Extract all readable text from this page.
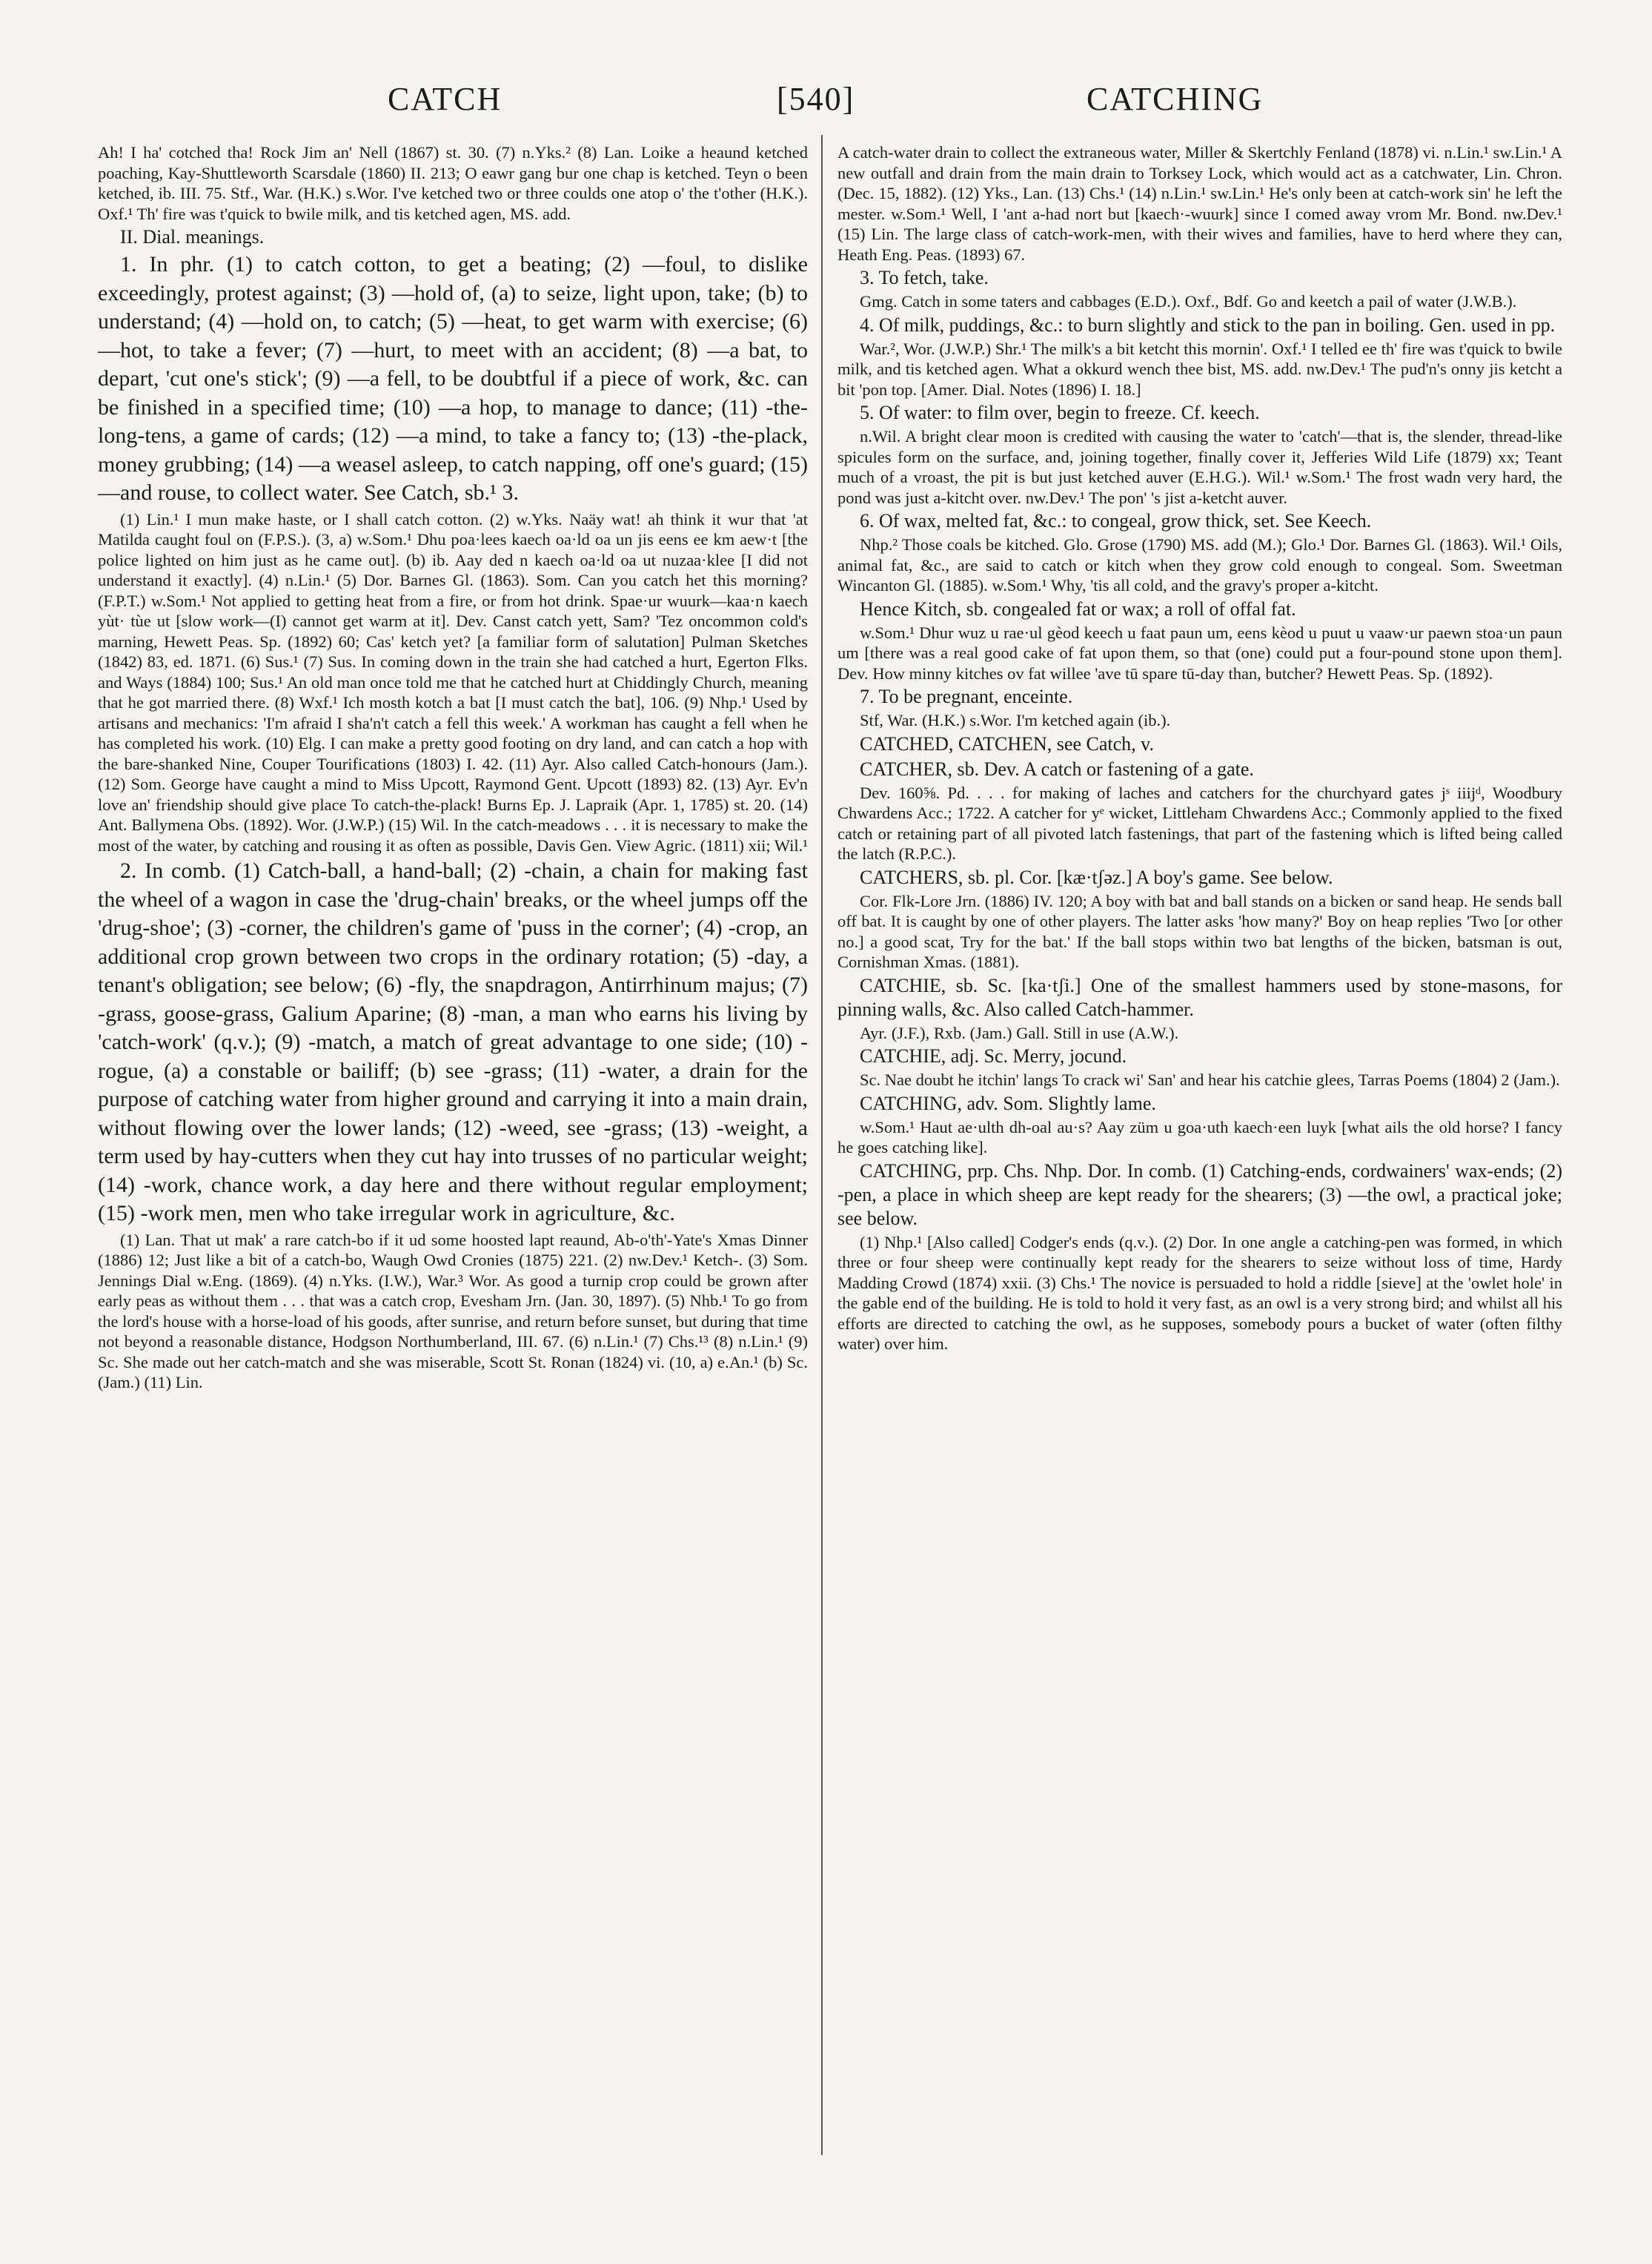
CATCH	[540]	CATCHING
Ah! I ha' cotched tha! Rock Jim an' Nell (1867) st. 30. (7) n.Yks.² (8) Lan. Loike a heaund ketched poaching, Kay-Shuttleworth Scarsdale (1860) II. 213; O eawr gang bur one chap is ketched. Teyn o been ketched, ib. III. 75. Stf., War. (H.K.) s.Wor. I've ketched two or three coulds one atop o' the t'other (H.K.). Oxf.¹ Th' fire was t'quick to bwile milk, and tis ketched agen, MS. add.
II. Dial. meanings.
1. In phr. (1) to catch cotton, to get a beating; (2) —foul, to dislike exceedingly, protest against; (3) —hold of, (a) to seize, light upon, take; (b) to understand; (4) —hold on, to catch; (5) —heat, to get warm with exercise; (6) —hot, to take a fever; (7) —hurt, to meet with an accident; (8) —a bat, to depart, 'cut one's stick'; (9) —a fell, to be doubtful if a piece of work, &c. can be finished in a specified time; (10) —a hop, to manage to dance; (11) -the-long-tens, a game of cards; (12) —a mind, to take a fancy to; (13) -the-plack, money grubbing; (14) —a weasel asleep, to catch napping, off one's guard; (15) —and rouse, to collect water. See Catch, sb.¹ 3.
(1) Lin.¹ I mun make haste, or I shall catch cotton. (2) w.Yks. Naäy wat! ah think it wur that 'at Matilda caught foul on (F.P.S.). (3, a) w.Som.¹ Dhu poa·lees kaech oa·ld oa un jis eens ee km aew·t [the police lighted on him just as he came out]. (b) ib. Aay ded n kaech oa·ld oa ut nuzaa·klee [I did not understand it exactly]. (4) n.Lin.¹ (5) Dor. Barnes Gl. (1863). Som. Can you catch het this morning? (F.P.T.) w.Som.¹ Not applied to getting heat from a fire, or from hot drink. Spae·ur wuurk—kaa·n kaech yùt· tùe ut [slow work—(I) cannot get warm at it]. Dev. Canst catch yett, Sam? 'Tez oncommon cold's marning, Hewett Peas. Sp. (1892) 60; Cas' ketch yet? [a familiar form of salutation] Pulman Sketches (1842) 83, ed. 1871. (6) Sus.¹ (7) Sus. In coming down in the train she had catched a hurt, Egerton Flks. and Ways (1884) 100; Sus.¹ An old man once told me that he catched hurt at Chiddingly Church, meaning that he got married there. (8) Wxf.¹ Ich mosth kotch a bat [I must catch the bat], 106. (9) Nhp.¹ Used by artisans and mechanics: 'I'm afraid I sha'n't catch a fell this week.' A workman has caught a fell when he has completed his work. (10) Elg. I can make a pretty good footing on dry land, and can catch a hop with the bare-shanked Nine, Couper Tourifications (1803) I. 42. (11) Ayr. Also called Catch-honours (Jam.). (12) Som. George have caught a mind to Miss Upcott, Raymond Gent. Upcott (1893) 82. (13) Ayr. Ev'n love an' friendship should give place To catch-the-plack! Burns Ep. J. Lapraik (Apr. 1, 1785) st. 20. (14) Ant. Ballymena Obs. (1892). Wor. (J.W.P.) (15) Wil. In the catch-meadows . . . it is necessary to make the most of the water, by catching and rousing it as often as possible, Davis Gen. View Agric. (1811) xii; Wil.¹
2. In comb. (1) Catch-ball, a hand-ball; (2) -chain, a chain for making fast the wheel of a wagon in case the 'drug-chain' breaks, or the wheel jumps off the 'drug-shoe'; (3) -corner, the children's game of 'puss in the corner'; (4) -crop, an additional crop grown between two crops in the ordinary rotation; (5) -day, a tenant's obligation; see below; (6) -fly, the snapdragon, Antirrhinum majus; (7) -grass, goose-grass, Galium Aparine; (8) -man, a man who earns his living by 'catch-work' (q.v.); (9) -match, a match of great advantage to one side; (10) -rogue, (a) a constable or bailiff; (b) see -grass; (11) -water, a drain for the purpose of catching water from higher ground and carrying it into a main drain, without flowing over the lower lands; (12) -weed, see -grass; (13) -weight, a term used by hay-cutters when they cut hay into trusses of no particular weight; (14) -work, chance work, a day here and there without regular employment; (15) -work men, men who take irregular work in agriculture, &c.
(1) Lan. That ut mak' a rare catch-bo if it ud some hoosted lapt reaund, Ab-o'th'-Yate's Xmas Dinner (1886) 12; Just like a bit of a catch-bo, Waugh Owd Cronies (1875) 221. (2) nw.Dev.¹ Ketch-. (3) Som. Jennings Dial w.Eng. (1869). (4) n.Yks. (I.W.), War.³ Wor. As good a turnip crop could be grown after early peas as without them . . . that was a catch crop, Evesham Jrn. (Jan. 30, 1897). (5) Nhb.¹ To go from the lord's house with a horse-load of his goods, after sunrise, and return before sunset, but during that time not beyond a reasonable distance, Hodgson Northumberland, III. 67. (6) n.Lin.¹ (7) Chs.¹³ (8) n.Lin.¹ (9) Sc. She made out her catch-match and she was miserable, Scott St. Ronan (1824) vi. (10, a) e.An.¹ (b) Sc. (Jam.) (11) Lin.
A catch-water drain to collect the extraneous water, Miller & Skertchly Fenland (1878) vi. n.Lin.¹ sw.Lin.¹ A new outfall and drain from the main drain to Torksey Lock, which would act as a catchwater, Lin. Chron. (Dec. 15, 1882). (12) Yks., Lan. (13) Chs.¹ (14) n.Lin.¹ sw.Lin.¹ He's only been at catch-work sin' he left the mester. w.Som.¹ Well, I 'ant a-had nort but [kaech·-wuurk] since I comed away vrom Mr. Bond. nw.Dev.¹ (15) Lin. The large class of catch-work-men, with their wives and families, have to herd where they can, Heath Eng. Peas. (1893) 67.
3. To fetch, take.
Gmg. Catch in some taters and cabbages (E.D.). Oxf., Bdf. Go and keetch a pail of water (J.W.B.).
4. Of milk, puddings, &c.: to burn slightly and stick to the pan in boiling. Gen. used in pp.
War.², Wor. (J.W.P.) Shr.¹ The milk's a bit ketcht this mornin'. Oxf.¹ I telled ee th' fire was t'quick to bwile milk, and tis ketched agen. What a okkurd wench thee bist, MS. add. nw.Dev.¹ The pud'n's onny jis ketcht a bit 'pon top. [Amer. Dial. Notes (1896) I. 18.]
5. Of water: to film over, begin to freeze. Cf. keech.
n.Wil. A bright clear moon is credited with causing the water to 'catch'—that is, the slender, thread-like spicules form on the surface, and, joining together, finally cover it, Jefferies Wild Life (1879) xx; Teant much of a vroast, the pit is but just ketched auver (E.H.G.). Wil.¹ w.Som.¹ The frost wadn very hard, the pond was just a-kitcht over. nw.Dev.¹ The pon' 's jist a-ketcht auver.
6. Of wax, melted fat, &c.: to congeal, grow thick, set. See Keech.
Nhp.² Those coals be kitched. Glo. Grose (1790) MS. add (M.); Glo.¹ Dor. Barnes Gl. (1863). Wil.¹ Oils, animal fat, &c., are said to catch or kitch when they grow cold enough to congeal. Som. Sweetman Wincanton Gl. (1885). w.Som.¹ Why, 'tis all cold, and the gravy's proper a-kitcht.
Hence Kitch, sb. congealed fat or wax; a roll of offal fat.
w.Som.¹ Dhur wuz u rae·ul gèod keech u faat paun um, eens kèod u puut u vaaw·ur paewn stoa·un paun um [there was a real good cake of fat upon them, so that (one) could put a four-pound stone upon them]. Dev. How minny kitches ov fat willee 'ave tū spare tū-day than, butcher? Hewett Peas. Sp. (1892).
7. To be pregnant, enceinte.
Stf, War. (H.K.) s.Wor. I'm ketched again (ib.).
CATCHED, CATCHEN, see Catch, v.
CATCHER, sb. Dev. A catch or fastening of a gate.
Dev. 160⅝. Pd. . . . for making of laches and catchers for the churchyard gates jˢ iiijᵈ, Woodbury Chwardens Acc.; 1722. A catcher for yᵉ wicket, Littleham Chwardens Acc.; Commonly applied to the fixed catch or retaining part of all pivoted latch fastenings, that part of the fastening which is lifted being called the latch (R.P.C.).
CATCHERS, sb. pl. Cor. [kæ·tʃəz.] A boy's game. See below.
Cor. Flk-Lore Jrn. (1886) IV. 120; A boy with bat and ball stands on a bicken or sand heap. He sends ball off bat. It is caught by one of other players. The latter asks 'how many?' Boy on heap replies 'Two [or other no.] a good scat, Try for the bat.' If the ball stops within two bat lengths of the bicken, batsman is out, Cornishman Xmas. (1881).
CATCHIE, sb. Sc. [ka·tʃi.] One of the smallest hammers used by stone-masons, for pinning walls, &c. Also called Catch-hammer.
Ayr. (J.F.), Rxb. (Jam.) Gall. Still in use (A.W.).
CATCHIE, adj. Sc. Merry, jocund.
Sc. Nae doubt he itchin' langs To crack wi' San' and hear his catchie glees, Tarras Poems (1804) 2 (Jam.).
CATCHING, adv. Som. Slightly lame.
w.Som.¹ Haut ae·ulth dh-oal au·s? Aay züm u goa·uth kaech·een luyk [what ails the old horse? I fancy he goes catching like].
CATCHING, prp. Chs. Nhp. Dor. In comb. (1) Catching-ends, cordwainers' wax-ends; (2) -pen, a place in which sheep are kept ready for the shearers; (3) —the owl, a practical joke; see below.
(1) Nhp.¹ [Also called] Codger's ends (q.v.). (2) Dor. In one angle a catching-pen was formed, in which three or four sheep were continually kept ready for the shearers to seize without loss of time, Hardy Madding Crowd (1874) xxii. (3) Chs.¹ The novice is persuaded to hold a riddle [sieve] at the 'owlet hole' in the gable end of the building. He is told to hold it very fast, as an owl is a very strong bird; and whilst all his efforts are directed to catching the owl, as he supposes, somebody pours a bucket of water (often filthy water) over him.
